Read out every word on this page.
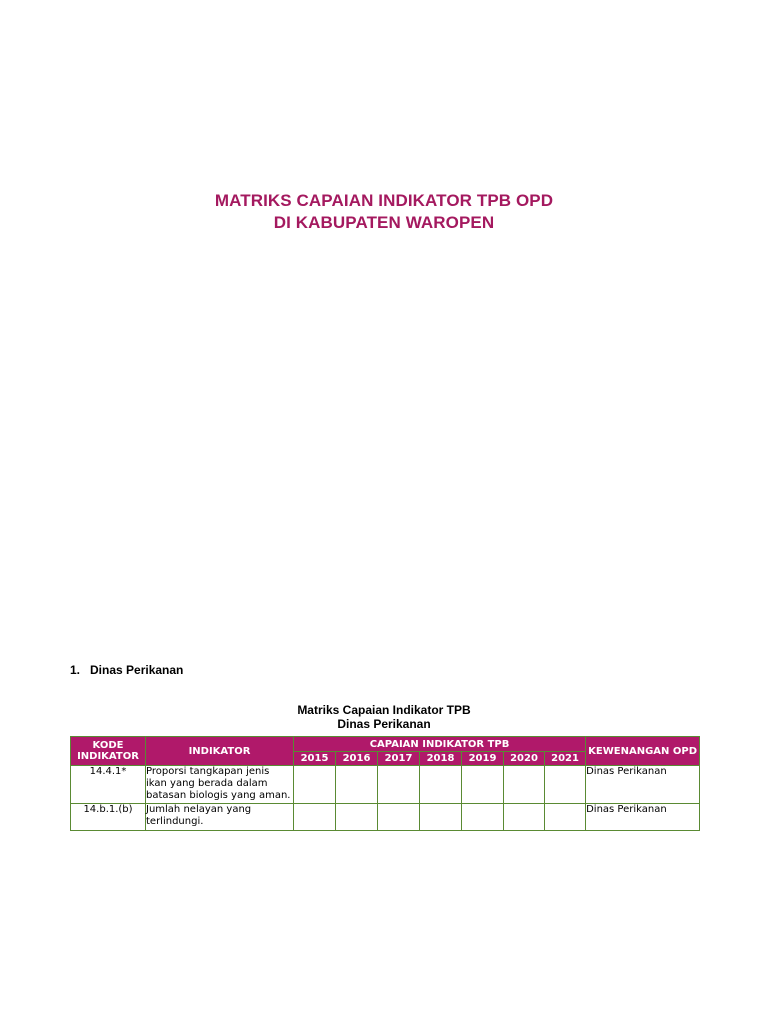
MATRIKS CAPAIAN INDIKATOR TPB OPD
DI KABUPATEN WAROPEN
1. Dinas Perikanan
Matriks Capaian Indikator TPB
Dinas Perikanan
KODE INDIKATOR	INDIKATOR	CAPAIAN INDIKATOR TPB							KEWENANGAN OPD
		2015	2016	2017	2018	2019	2020	2021	
14.4.1*	Proporsi tangkapan jenis ikan yang berada dalam batasan biologis yang aman.								Dinas Perikanan
14.b.1.(b)	Jumlah nelayan yang terlindungi.								Dinas Perikanan
